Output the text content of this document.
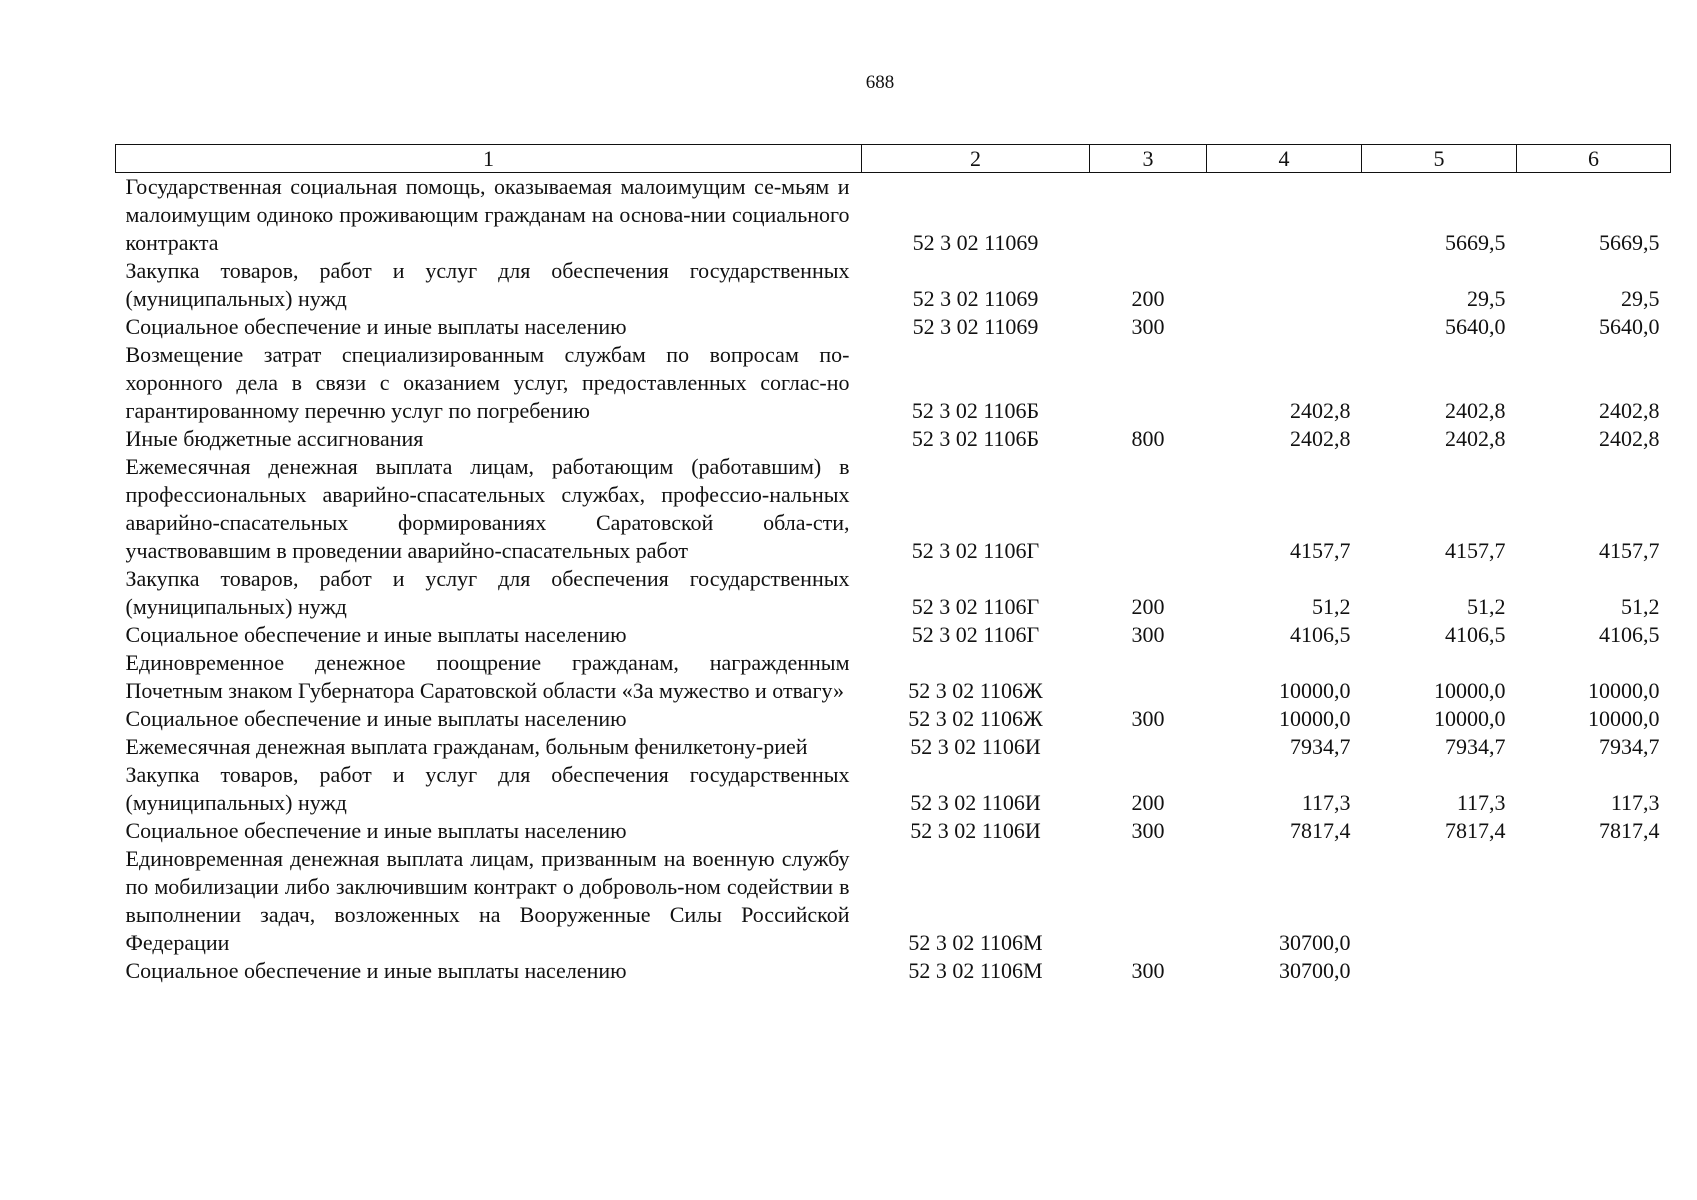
688
1	2	3	4	5	6
Государственная социальная помощь, оказываемая малоимущим се-мьям и малоимущим одиноко проживающим гражданам на основа-нии социального контракта	52 3 02 11069			5669,5	5669,5
Закупка товаров, работ и услуг для обеспечения государственных (муниципальных) нужд	52 3 02 11069	200		29,5	29,5
Социальное обеспечение и иные выплаты населению	52 3 02 11069	300		5640,0	5640,0
Возмещение затрат специализированным службам по вопросам по-хоронного дела в связи с оказанием услуг, предоставленных соглас-но гарантированному перечню услуг по погребению	52 3 02 1106Б		2402,8	2402,8	2402,8
Иные бюджетные ассигнования	52 3 02 1106Б	800	2402,8	2402,8	2402,8
Ежемесячная денежная выплата лицам, работающим (работавшим) в профессиональных аварийно-спасательных службах, профессио-нальных аварийно-спасательных формированиях Саратовской обла-сти, участвовавшим в проведении аварийно-спасательных работ	52 3 02 1106Г		4157,7	4157,7	4157,7
Закупка товаров, работ и услуг для обеспечения государственных (муниципальных) нужд	52 3 02 1106Г	200	51,2	51,2	51,2
Социальное обеспечение и иные выплаты населению	52 3 02 1106Г	300	4106,5	4106,5	4106,5
Единовременное денежное поощрение гражданам, награжденным Почетным знаком Губернатора Саратовской области «За мужество и отвагу»	52 3 02 1106Ж		10000,0	10000,0	10000,0
Социальное обеспечение и иные выплаты населению	52 3 02 1106Ж	300	10000,0	10000,0	10000,0
Ежемесячная денежная выплата гражданам, больным фенилкетону-рией	52 3 02 1106И		7934,7	7934,7	7934,7
Закупка товаров, работ и услуг для обеспечения государственных (муниципальных) нужд	52 3 02 1106И	200	117,3	117,3	117,3
Социальное обеспечение и иные выплаты населению	52 3 02 1106И	300	7817,4	7817,4	7817,4
Единовременная денежная выплата лицам, призванным на военную службу по мобилизации либо заключившим контракт о доброволь-ном содействии в выполнении задач, возложенных на Вооруженные Силы Российской Федерации	52 3 02 1106М		30700,0		
Социальное обеспечение и иные выплаты населению	52 3 02 1106М	300	30700,0		
